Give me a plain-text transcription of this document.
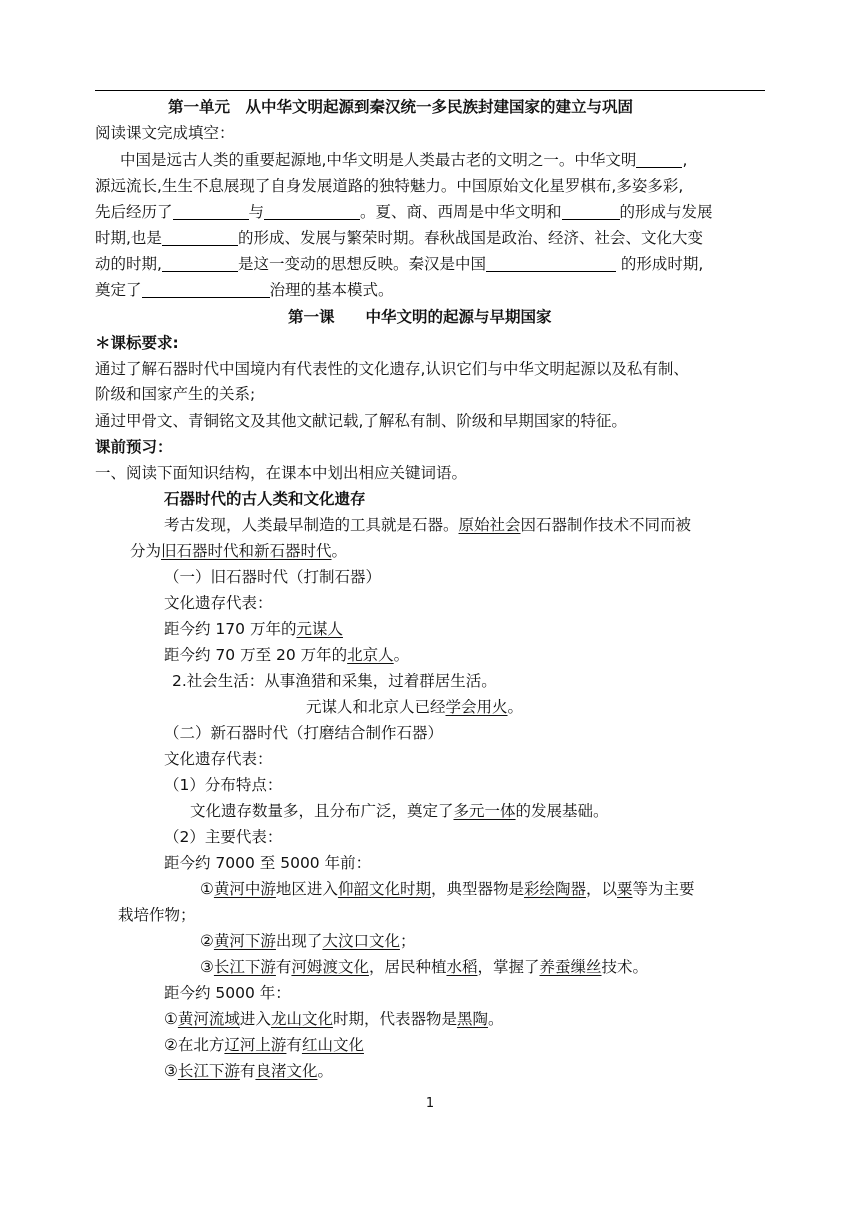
第一单元　从中华文明起源到秦汉统一多民族封建国家的建立与巩固
阅读课文完成填空：
中国是远古人类的重要起源地,中华文明是人类最古老的文明之一。中华文明	,
源远流长,生生不息展现了自身发展道路的独特魅力。中国原始文化星罗棋布,多姿多彩,
先后经历了	与	。夏、商、西周是中华文明和	的形成与发展
时期,也是	的形成、发展与繁荣时期。春秋战国是政治、经济、社会、文化大变
动的时期,	是这一变动的思想反映。秦汉是中国	的形成时期,
奠定了	治理的基本模式。
第一课　　中华文明的起源与早期国家
＊课标要求:
通过了解石器时代中国境内有代表性的文化遗存,认识它们与中华文明起源以及私有制、
阶级和国家产生的关系;
通过甲骨文、青铜铭文及其他文献记载,了解私有制、阶级和早期国家的特征。
课前预习：
一、阅读下面知识结构，在课本中划出相应关键词语。
石器时代的古人类和文化遗存
考古发现，人类最早制造的工具就是石器。原始社会因石器制作技术不同而被
分为旧石器时代和新石器时代。
（一）旧石器时代（打制石器）
文化遗存代表：
距今约 170 万年的元谋人
距今约 70 万至 20 万年的北京人。
2.社会生活：从事渔猎和采集，过着群居生活。
元谋人和北京人已经学会用火。
（二）新石器时代（打磨结合制作石器）
文化遗存代表：
（1）分布特点：
文化遗存数量多，且分布广泛，奠定了多元一体的发展基础。
（2）主要代表：
距今约 7000 至 5000 年前：
①黄河中游地区进入仰韶文化时期，典型器物是彩绘陶器，以粟等为主要
栽培作物；
②黄河下游出现了大汶口文化；
③长江下游有河姆渡文化，居民种植水稻，掌握了养蚕缫丝技术。
距今约 5000 年：
①黄河流域进入龙山文化时期，代表器物是黑陶。
②在北方辽河上游有红山文化
③长江下游有良渚文化。
1
